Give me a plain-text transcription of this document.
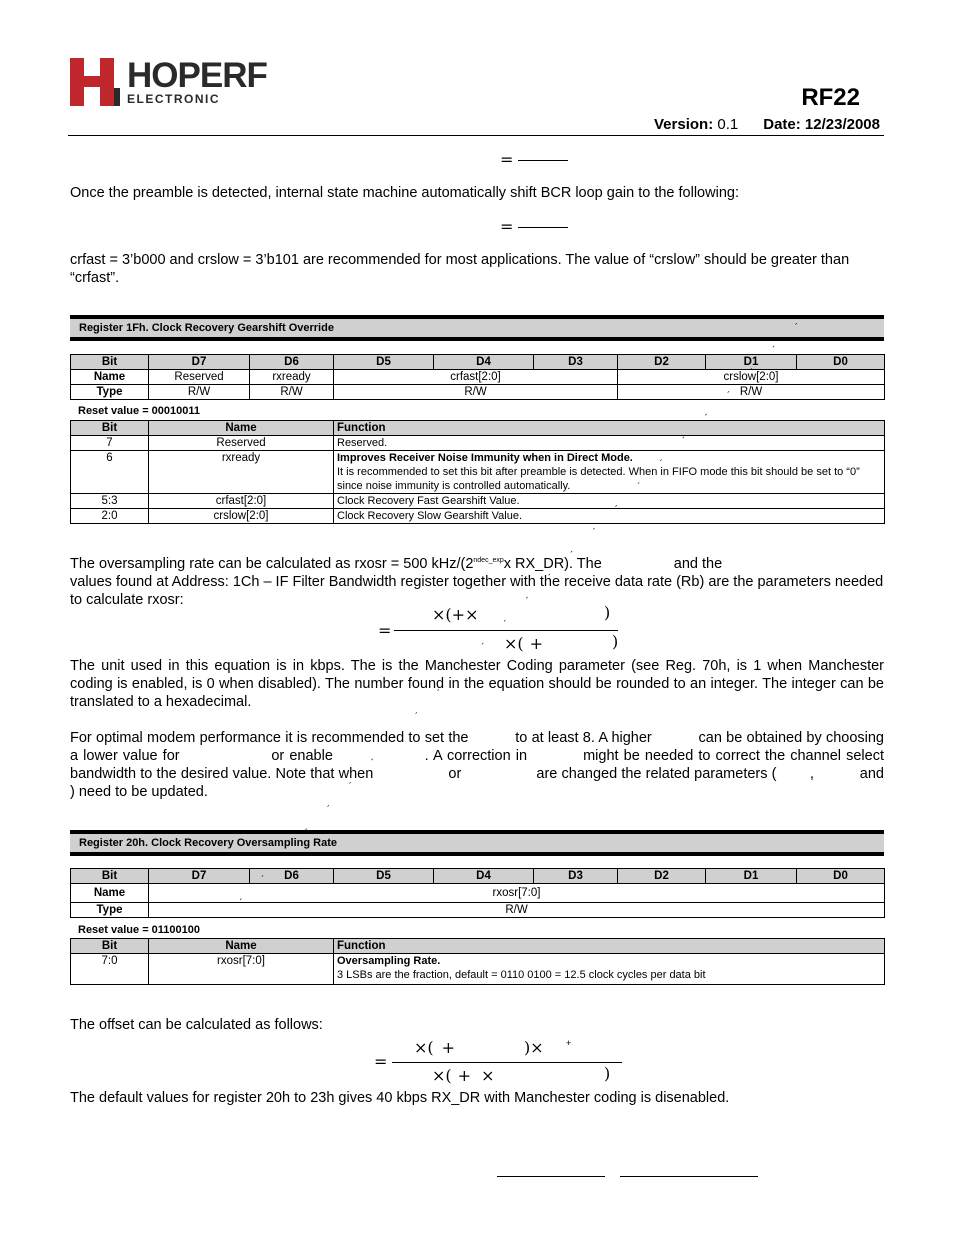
HOPERF
ELECTRONIC	RF22
Version: 0.1 Date: 12/23/2008
=
Once the preamble is detected, internal state machine automatically shift BCR loop gain to the following:
=
crfast = 3’b000 and crslow = 3’b101 are recommended for most applications. The value of “crslow” should be greater than “crfast”.
Register 1Fh. Clock Recovery Gearshift Override
Bit	D7	D6	D5	D4	D3	D2	D1	D0
Name	Reserved	rxready	crfast[2:0]			crslow[2:0]		
Type	R/W	R/W	R/W			R/W		
Reset value = 00010011
Bit	Name	Function
7	Reserved	Reserved.
6	rxready	Improves Receiver Noise Immunity when in Direct Mode.
It is recommended to set this bit after preamble is detected. When in FIFO mode this bit should be set to “0” since noise immunity is controlled automatically.

5:3	crfast[2:0]	Clock Recovery Fast Gearshift Value.
2:0	crslow[2:0]	Clock Recovery Slow Gearshift Value.
The oversampling rate can be calculated as rxosr = 500 kHz/($2^{ndec\_exp}x$ RX_DR). The	and the
values found at Address: 1Ch – IF Filter Bandwidth register together with the receive data rate (Rb) are the parameters needed to calculate rxosr:
=
×(+×	)
×( +	)
The unit used in this equation is in kbps. The is the Manchester Coding parameter (see Reg. 70h, is 1 when Manchester coding is enabled, is 0 when disabled). The number found in the equation should be rounded to an integer. The integer can be translated to a hexadecimal.
For optimal modem performance it is recommended to set the           to at least 8. A higher           can be obtained by choosing a lower value for                  or enable                  . A correction in           might be needed to correct the channel select bandwidth to the desired value. Note that when                  or                  are changed the related parameters (        ,           and          ) need to be updated.
Register 20h. Clock Recovery Oversampling Rate
Bit	D7	D6	D5	D4	D3	D2	D1	D0
Name	rxosr[7:0]							
Type	R/W							
Reset value = 01100100
Bit	Name	Function
7:0	rxosr[7:0]	Oversampling Rate.
3 LSBs are the fraction, default = 0110 0100 = 12.5 clock cycles per data bit
The offset can be calculated as follows:
=
×( +	)× +
×( + ×	)
The default values for register 20h to 23h gives 40 kbps RX_DR with Manchester coding is disenabled.
